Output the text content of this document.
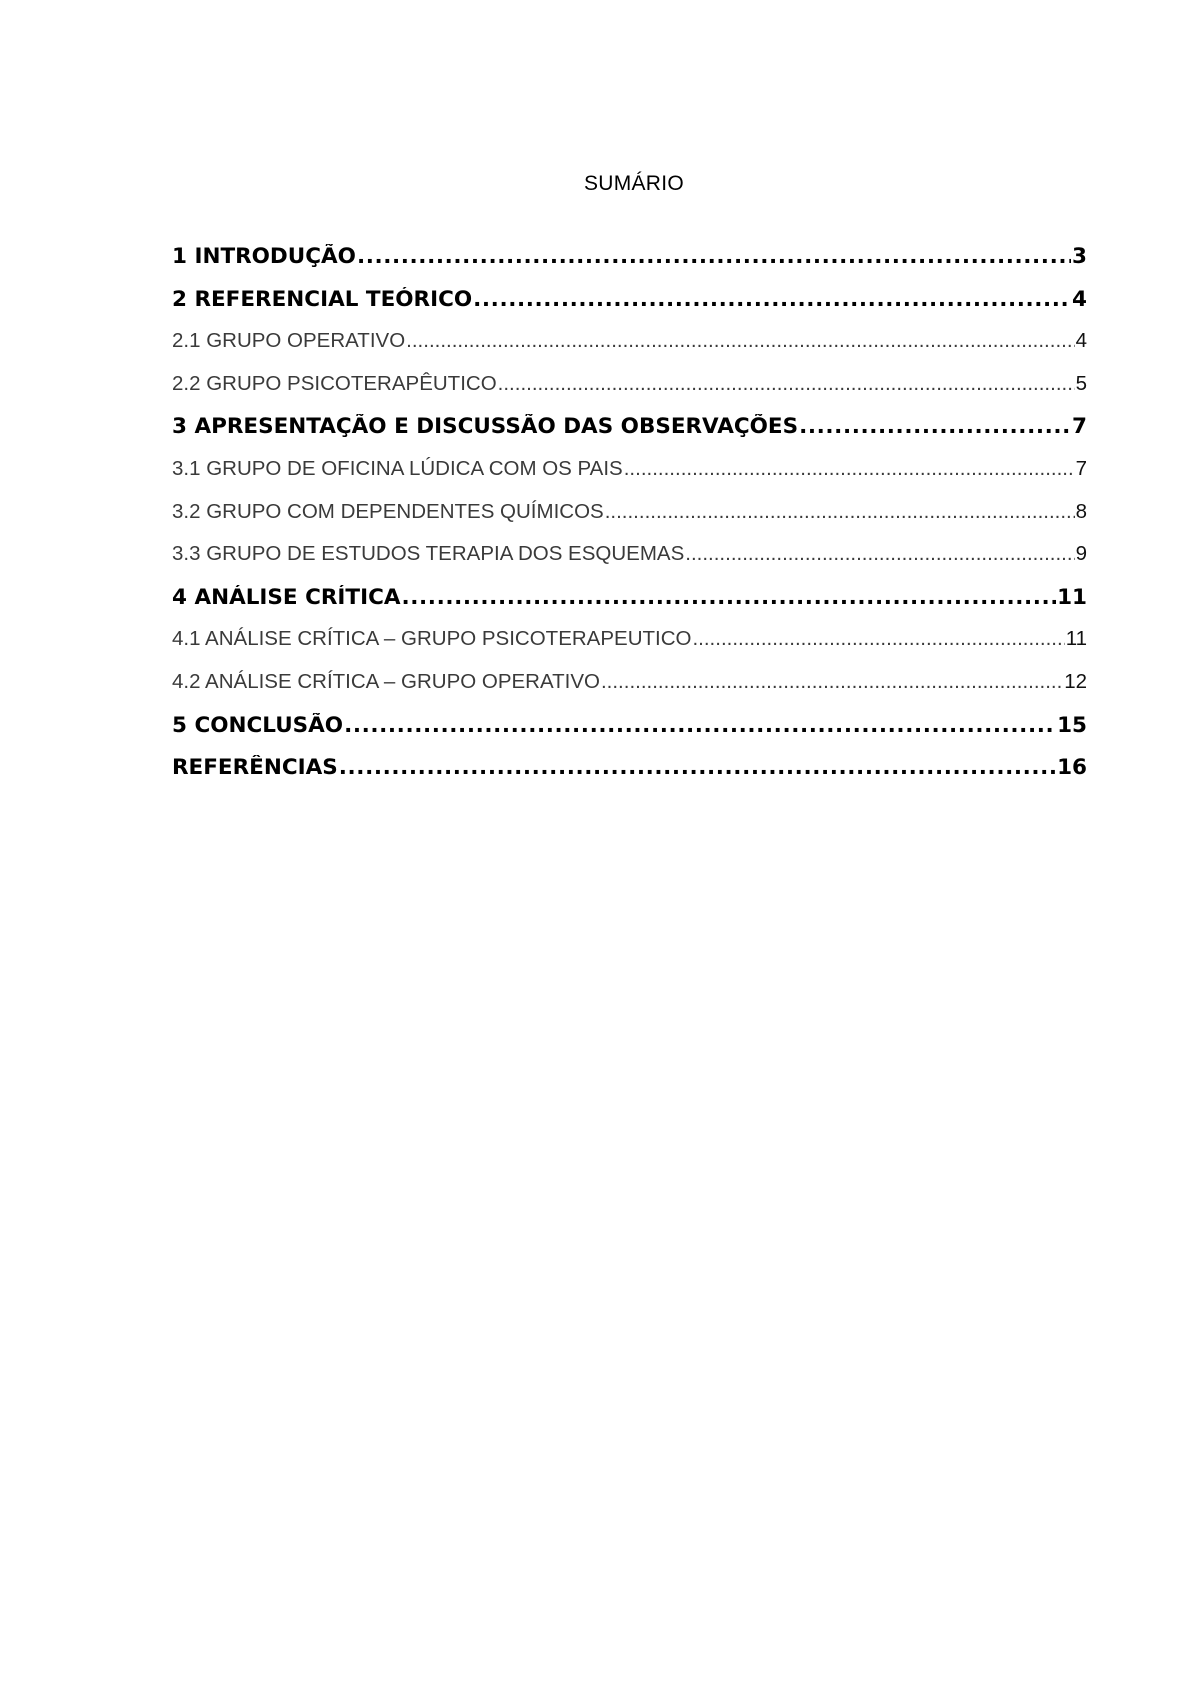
SUMÁRIO
1 INTRODUÇÃO .....	3
2 REFERENCIAL TEÓRICO .....	4
2.1 GRUPO OPERATIVO .....	4
2.2 GRUPO PSICOTERAPÊUTICO .....	5
3 APRESENTAÇÃO E DISCUSSÃO DAS OBSERVAÇÕES .....	7
3.1 GRUPO DE OFICINA LÚDICA COM OS PAIS .....	7
3.2 GRUPO COM DEPENDENTES QUÍMICOS .....	8
3.3 GRUPO DE ESTUDOS TERAPIA DOS ESQUEMAS .....	9
4 ANÁLISE CRÍTICA .....	11
4.1 ANÁLISE CRÍTICA – GRUPO PSICOTERAPEUTICO .....	11
4.2 ANÁLISE CRÍTICA – GRUPO OPERATIVO .....	12
5 CONCLUSÃO .....	15
REFERÊNCIAS .....	16
